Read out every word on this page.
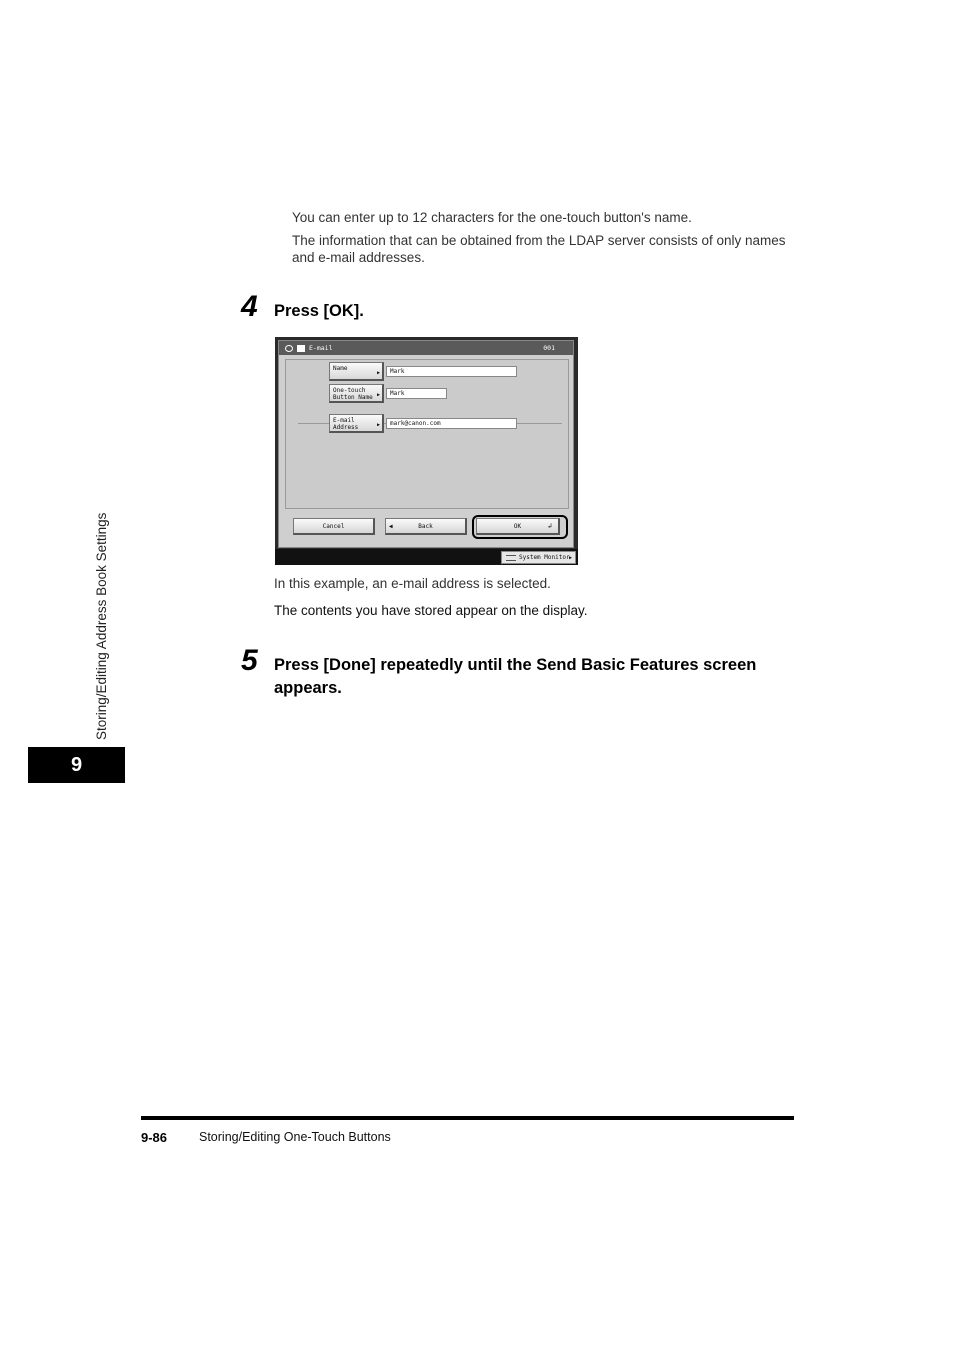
You can enter up to 12 characters for the one-touch button's name.

The information that can be obtained from the LDAP server consists of only names and e-mail addresses.

4 Press [OK].
E-mail	001
Name
▶	Mark
One-touch
Button Name ▶	Mark
E-mail
Address	▶	mark@canon.com
Cancel	◀	Back	OK	↲
System Monitor ▶

In this example, an e-mail address is selected.

The contents you have stored appear on the display.

5 Press [Done] repeatedly until the Send Basic Features screen appears.
Storing/Editing Address Book Settings
9
9-86	Storing/Editing One-Touch Buttons
